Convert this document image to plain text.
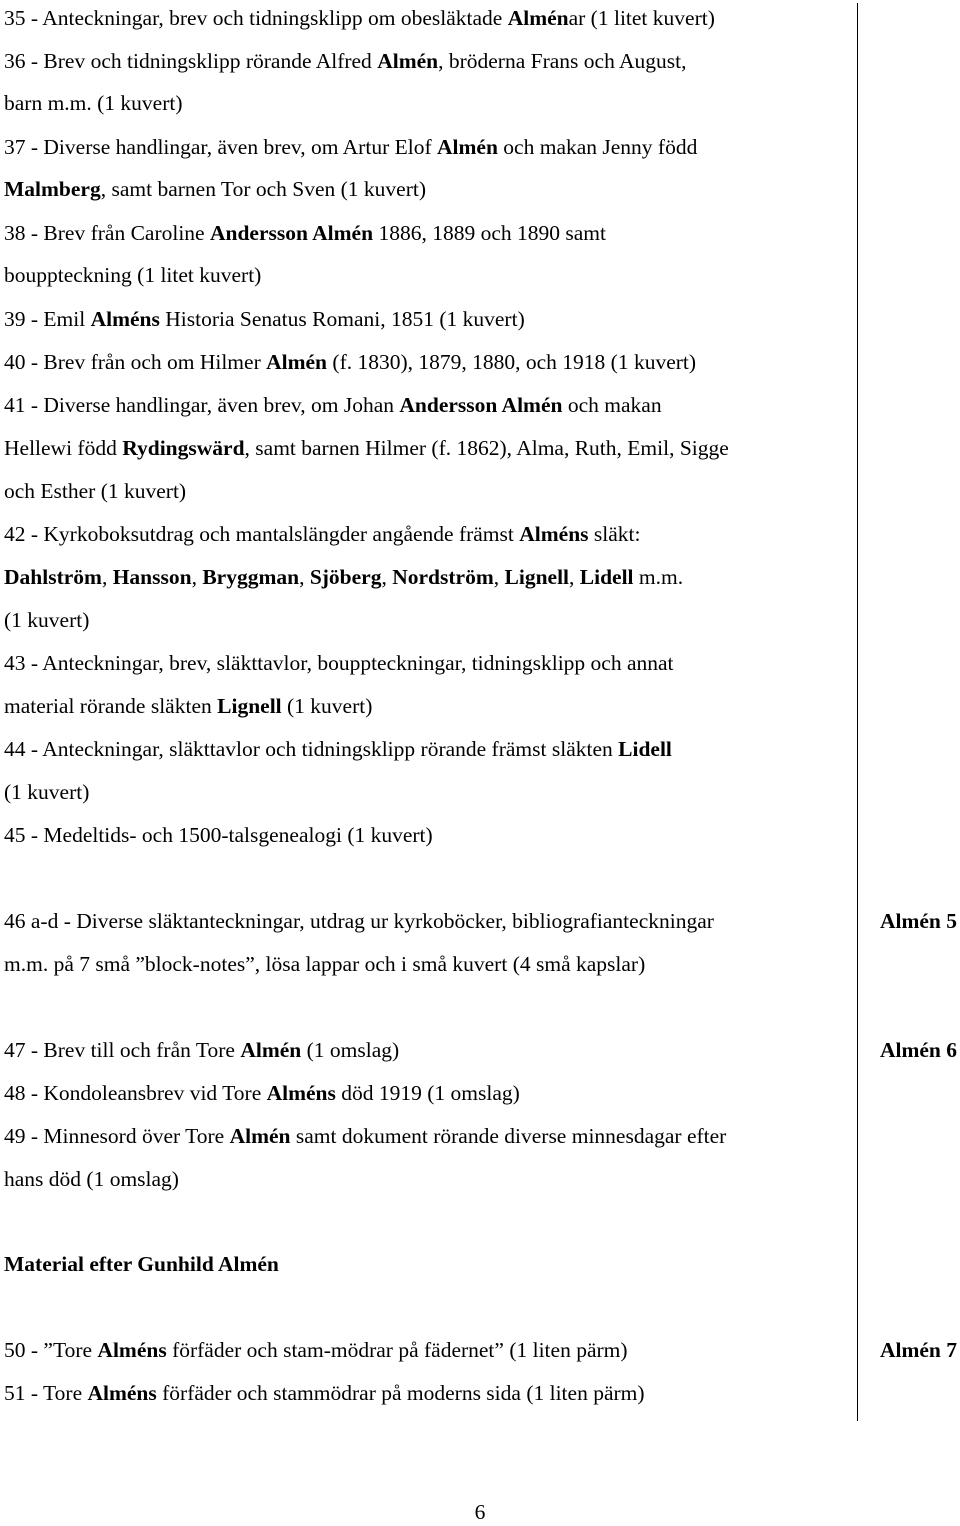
35 - Anteckningar, brev och tidningsklipp om obesläktade Alménar (1 litet kuvert)
36 - Brev och tidningsklipp rörande Alfred Almén, bröderna Frans och August,
barn m.m. (1 kuvert)
37 - Diverse handlingar, även brev, om Artur Elof Almén och makan Jenny född
Malmberg, samt barnen Tor och Sven (1 kuvert)
38 - Brev från Caroline Andersson Almén 1886, 1889 och 1890 samt
bouppteckning (1 litet kuvert)
39 - Emil Alméns Historia Senatus Romani, 1851 (1 kuvert)
40 - Brev från och om Hilmer Almén (f. 1830), 1879, 1880, och 1918 (1 kuvert)
41 - Diverse handlingar, även brev, om Johan Andersson Almén och makan
Hellewi född Rydingswärd, samt barnen Hilmer (f. 1862), Alma, Ruth, Emil, Sigge
och Esther (1 kuvert)
42 - Kyrkoboksutdrag och mantalslängder angående främst Alméns släkt:
Dahlström, Hansson, Bryggman, Sjöberg, Nordström, Lignell, Lidell m.m.
(1 kuvert)
43 - Anteckningar, brev, släkttavlor, bouppteckningar, tidningsklipp och annat
material rörande släkten Lignell (1 kuvert)
44 - Anteckningar, släkttavlor och tidningsklipp rörande främst släkten Lidell
(1 kuvert)
45 - Medeltids- och 1500-talsgenealogi (1 kuvert)
46 a-d - Diverse släktanteckningar, utdrag ur kyrkoböcker, bibliografianteckningar
m.m. på 7 små ”block-notes”, lösa lappar och i små kuvert (4 små kapslar)
47 - Brev till och från Tore Almén (1 omslag)
48 - Kondoleansbrev vid Tore Alméns död 1919 (1 omslag)
49 - Minnesord över Tore Almén samt dokument rörande diverse minnesdagar efter
hans död (1 omslag)
Material efter Gunhild Almén
50 - ”Tore Alméns förfäder och stam-mödrar på fädernet” (1 liten pärm)
51 - Tore Alméns förfäder och stammödrar på moderns sida (1 liten pärm)
Almén 5
Almén 6
Almén 7
6
